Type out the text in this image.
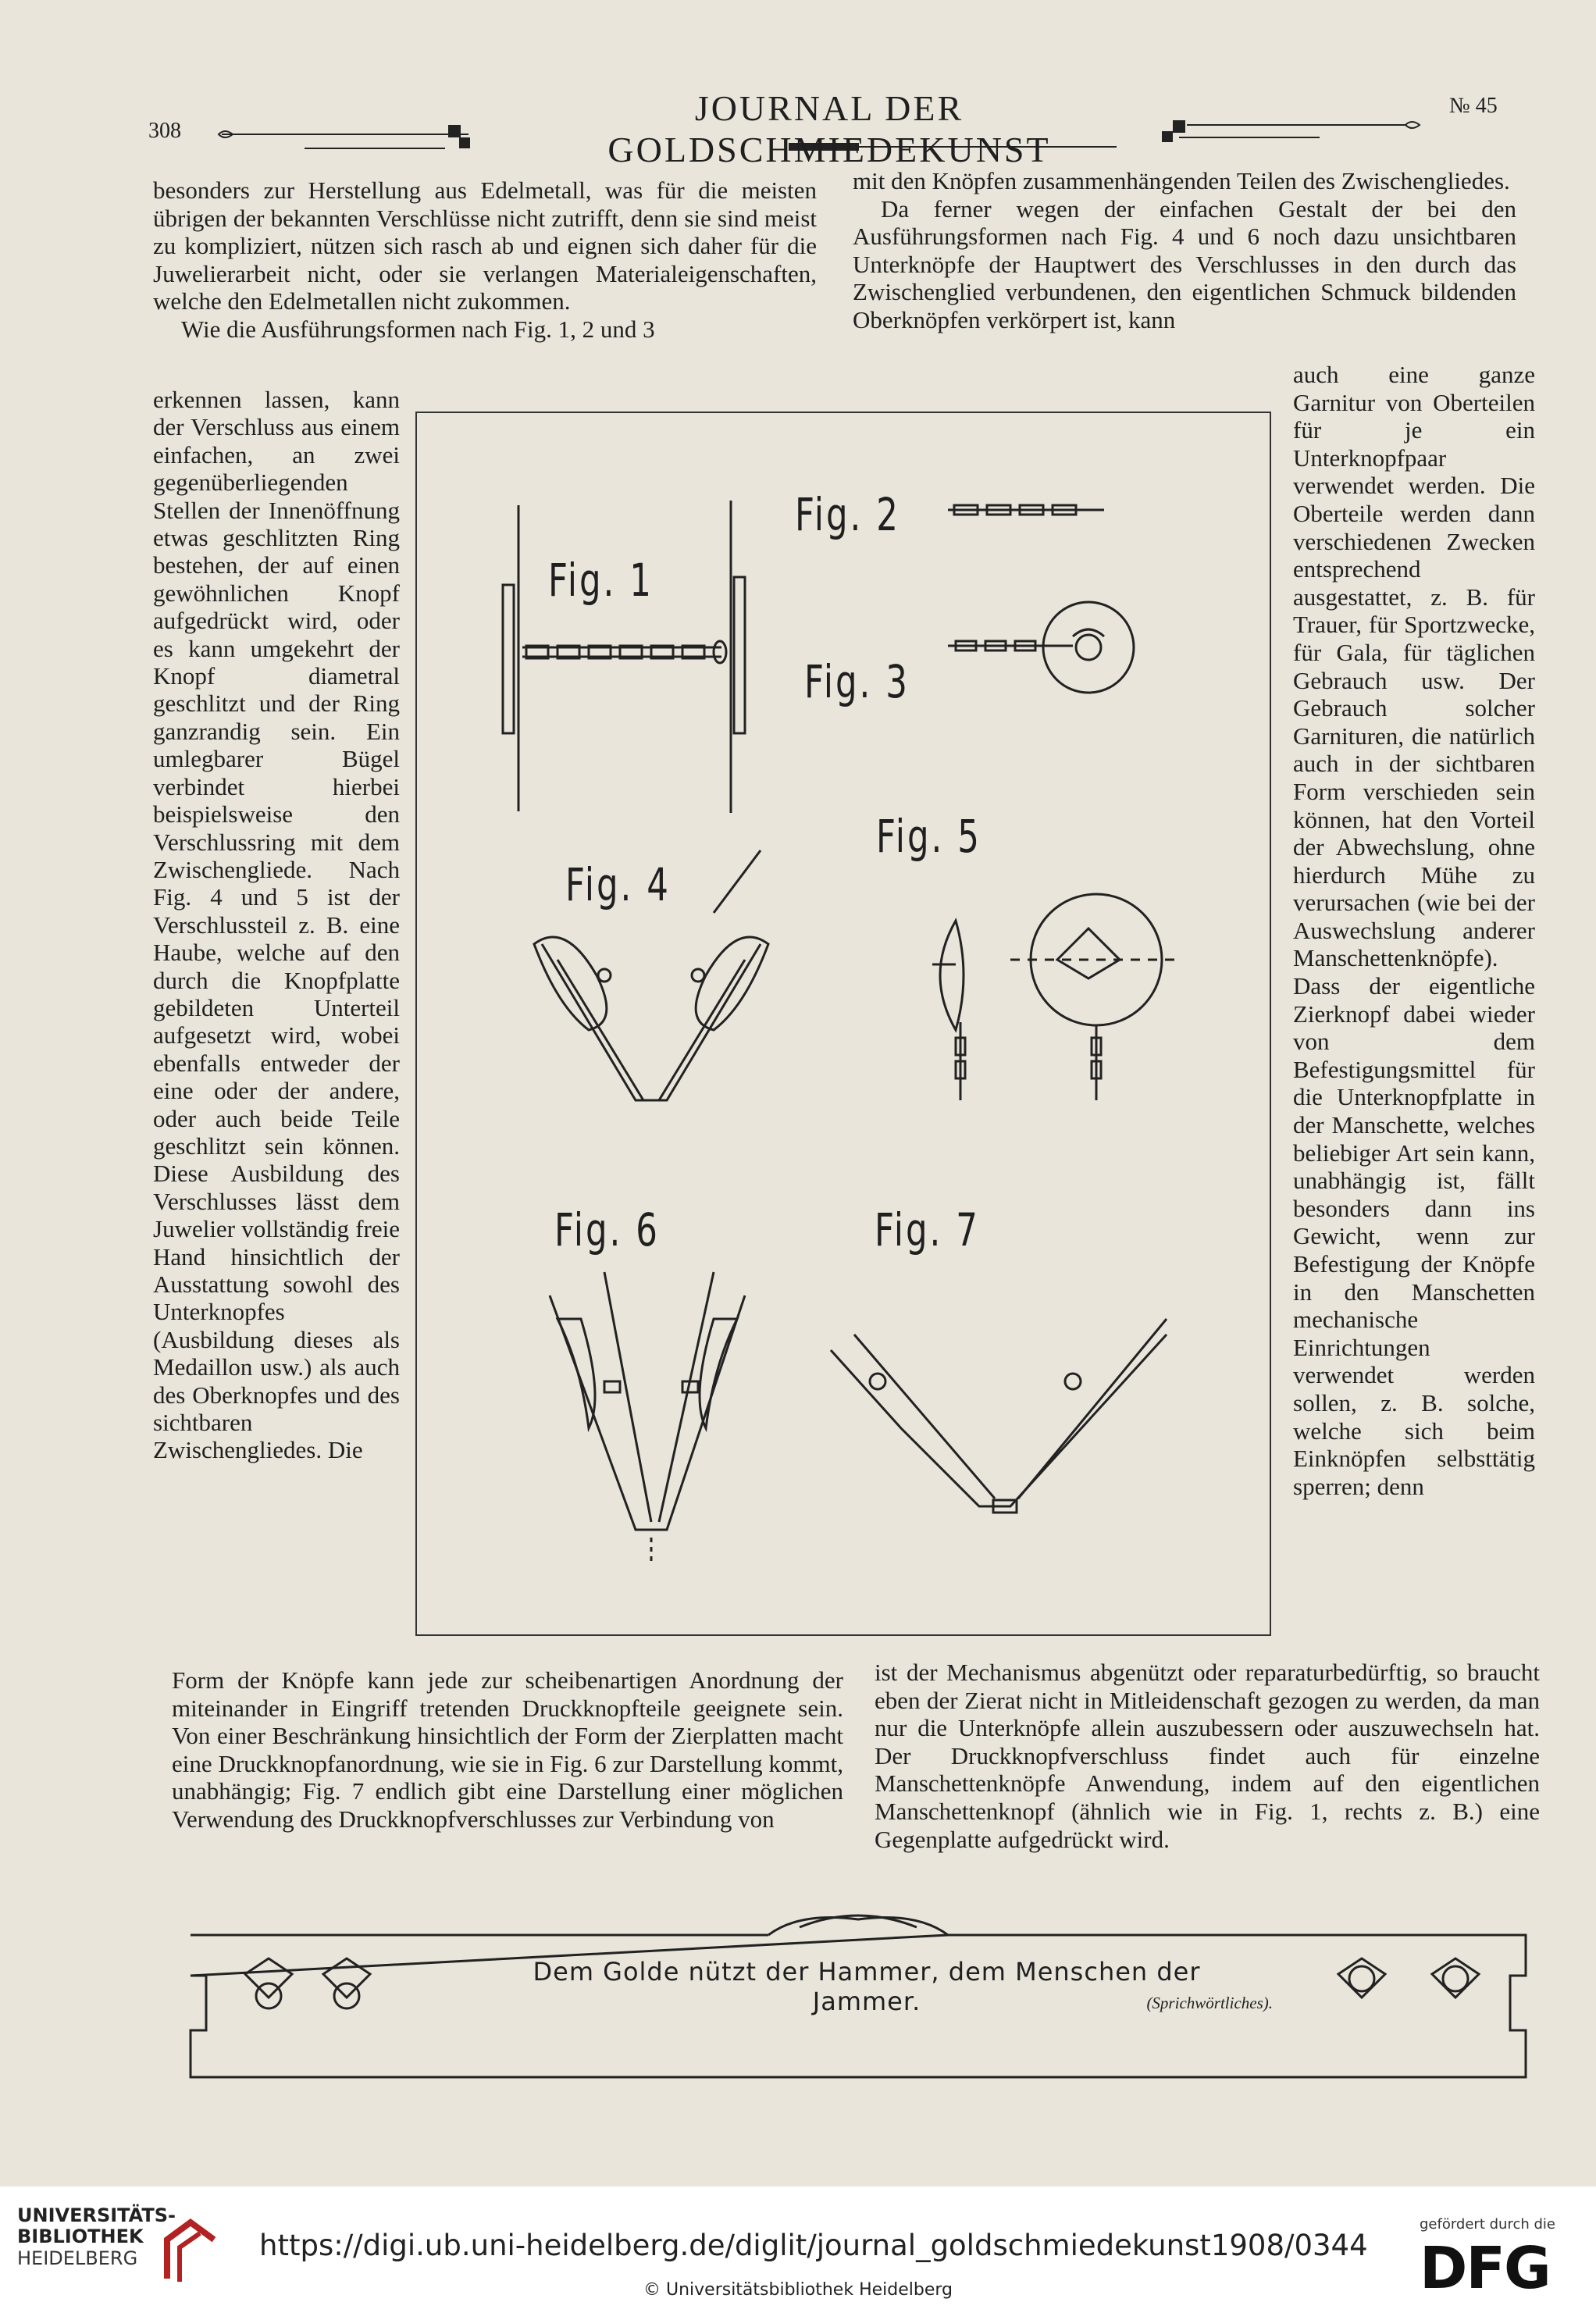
308
JOURNAL DER GOLDSCHMIEDEKUNST
№ 45

besonders zur Herstellung aus Edelmetall, was für die meisten übrigen der bekannten Verschlüsse nicht zutrifft, denn sie sind meist zu kompliziert, nützen sich rasch ab und eignen sich daher für die Juwelierarbeit nicht, oder sie verlangen Materialeigenschaften, welche den Edelmetallen nicht zukommen.

Wie die Ausführungsformen nach Fig. 1, 2 und 3

mit den Knöpfen zusammenhängenden Teilen des Zwischengliedes.

Da ferner wegen der einfachen Gestalt der bei den Ausführungsformen nach Fig. 4 und 6 noch dazu unsichtbaren Unterknöpfe der Hauptwert des Verschlusses in den durch das Zwischenglied verbundenen, den eigentlichen Schmuck bildenden Oberknöpfen verkörpert ist, kann

erkennen lassen, kann der Verschluss aus einem einfachen, an zwei gegenüberliegenden Stellen der Innenöffnung etwas geschlitzten Ring bestehen, der auf einen gewöhnlichen Knopf aufgedrückt wird, oder es kann umgekehrt der Knopf diametral geschlitzt und der Ring ganzrandig sein. Ein umlegbarer Bügel verbindet hierbei beispielsweise den Verschlussring mit dem Zwischengliede. Nach Fig. 4 und 5 ist der Verschlussteil z. B. eine Haube, welche auf den durch die Knopfplatte gebildeten Unterteil aufgesetzt wird, wobei ebenfalls entweder der eine oder der andere, oder auch beide Teile geschlitzt sein können. Diese Ausbildung des Verschlusses lässt dem Juwelier vollständig freie Hand hinsichtlich der Ausstattung sowohl des Unterknopfes (Ausbildung dieses als Medaillon usw.) als auch des Oberknopfes und des sichtbaren Zwischengliedes. Die

auch eine ganze Garnitur von Oberteilen für je ein Unterknopfpaar verwendet werden. Die Oberteile werden dann verschiedenen Zwecken entsprechend ausgestattet, z. B. für Trauer, für Sportzwecke, für Gala, für täglichen Gebrauch usw. Der Gebrauch solcher Garnituren, die natürlich auch in der sichtbaren Form verschieden sein können, hat den Vorteil der Abwechslung, ohne hierdurch Mühe zu verursachen (wie bei der Auswechslung anderer Manschettenknöpfe). Dass der eigentliche Zierknopf dabei wieder von dem Befestigungsmittel für die Unterknopfplatte in der Manschette, welches beliebiger Art sein kann, unabhängig ist, fällt besonders dann ins Gewicht, wenn zur Befestigung der Knöpfe in den Manschetten mechanische Einrichtungen verwendet werden sollen, z. B. solche, welche sich beim Einknöpfen selbsttätig sperren; denn

Form der Knöpfe kann jede zur scheibenartigen Anordnung der miteinander in Eingriff tretenden Druckknopfteile geeignete sein. Von einer Beschränkung hinsichtlich der Form der Zierplatten macht eine Druckknopfanordnung, wie sie in Fig. 6 zur Darstellung kommt, unabhängig; Fig. 7 endlich gibt eine Darstellung einer möglichen Verwendung des Druckknopfverschlusses zur Verbindung von

ist der Mechanismus abgenützt oder reparaturbedürftig, so braucht eben der Zierat nicht in Mitleidenschaft gezogen zu werden, da man nur die Unterknöpfe allein auszubessern oder auszuwechseln hat. Der Druckknopfverschluss findet auch für einzelne Manschettenknöpfe Anwendung, indem auf den eigentlichen Manschettenknopf (ähnlich wie in Fig. 1, rechts z. B.) eine Gegenplatte aufgedrückt wird.

Fig. 1
Fig. 2
Fig. 3
Fig. 4
Fig. 5
Fig. 6	Fig. 7
Dem Golde nützt der Hammer, dem Menschen der Jammer.	(Sprichwörtliches).
UNIVERSITÄTS-
BIBLIOTHEK
HEIDELBERG	https://digi.ub.uni-heidelberg.de/diglit/journal_goldschmiedekunst1908/0344
© Universitätsbibliothek Heidelberg
gefördert durch die
DFG
